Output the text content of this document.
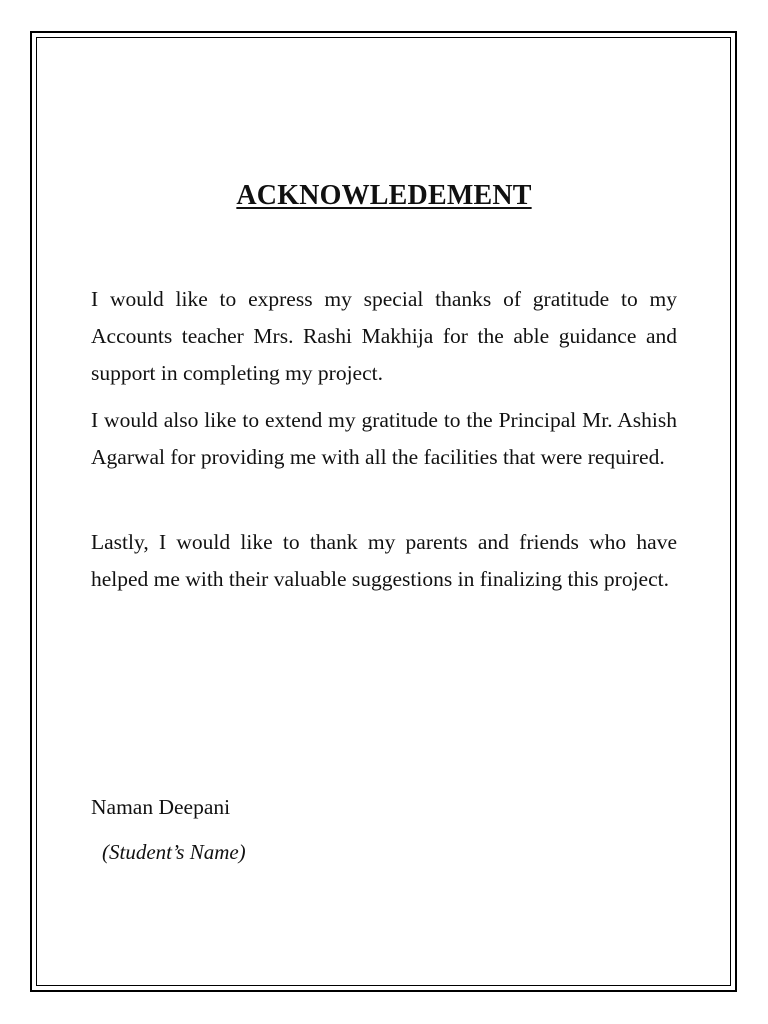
ACKNOWLEDEMENT

I would like to express my special thanks of gratitude to my Accounts teacher Mrs. Rashi Makhija for the able guidance and support in completing my project.

I would also like to extend my gratitude to the Principal Mr. Ashish Agarwal for providing me with all the facilities that were required.

Lastly, I would like to thank my parents and friends who have helped me with their valuable suggestions in finalizing this project.

Naman Deepani
(Student’s Name)
